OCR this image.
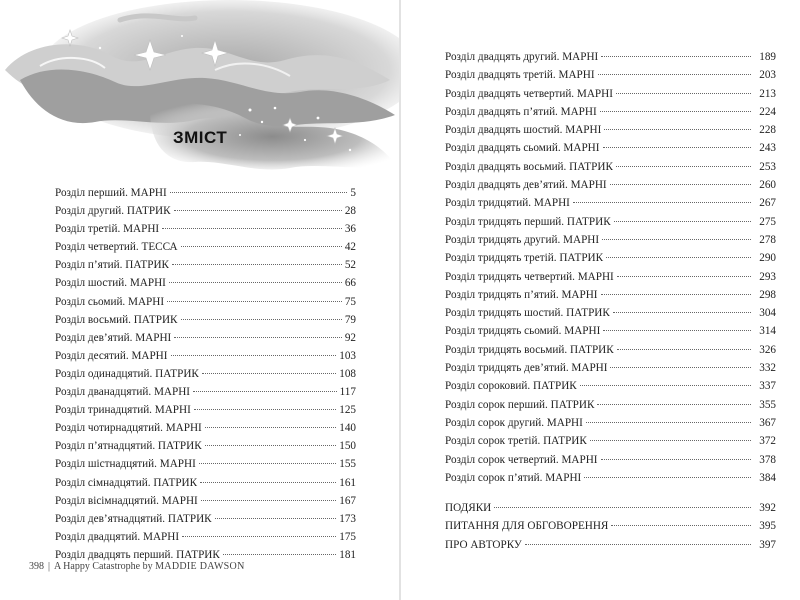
ЗМІСТ
Розділ перший. МАРНІ	5
Розділ другий. ПАТРИК	28
Розділ третій. МАРНІ	36
Розділ четвертий. ТЕССА	42
Розділ п’ятий. ПАТРИК	52
Розділ шостий. МАРНІ	66
Розділ сьомий. МАРНІ	75
Розділ восьмий. ПАТРИК	79
Розділ дев’ятий. МАРНІ	92
Розділ десятий. МАРНІ	103
Розділ одинадцятий. ПАТРИК	108
Розділ дванадцятий. МАРНІ	117
Розділ тринадцятий. МАРНІ	125
Розділ чотирнадцятий. МАРНІ	140
Розділ п’ятнадцятий. ПАТРИК	150
Розділ шістнадцятий. МАРНІ	155
Розділ сімнадцятий. ПАТРИК	161
Розділ вісімнадцятий. МАРНІ	167
Розділ дев’ятнадцятий. ПАТРИК	173
Розділ двадцятий. МАРНІ	175
Розділ двадцять перший. ПАТРИК	181
398 | A Happy Catastrophe by MADDIE DAWSON
Розділ двадцять другий. МАРНІ	189
Розділ двадцять третій. МАРНІ	203
Розділ двадцять четвертий. МАРНІ	213
Розділ двадцять п’ятий. МАРНІ	224
Розділ двадцять шостий. МАРНІ	228
Розділ двадцять сьомий. МАРНІ	243
Розділ двадцять восьмий. ПАТРИК	253
Розділ двадцять дев’ятий. МАРНІ	260
Розділ тридцятий. МАРНІ	267
Розділ тридцять перший. ПАТРИК	275
Розділ тридцять другий. МАРНІ	278
Розділ тридцять третій. ПАТРИК	290
Розділ тридцять четвертий. МАРНІ	293
Розділ тридцять п’ятий. МАРНІ	298
Розділ тридцять шостий. ПАТРИК	304
Розділ тридцять сьомий. МАРНІ	314
Розділ тридцять восьмий. ПАТРИК	326
Розділ тридцять дев’ятий. МАРНІ	332
Розділ сороковий. ПАТРИК	337
Розділ сорок перший. ПАТРИК	355
Розділ сорок другий. МАРНІ	367
Розділ сорок третій. ПАТРИК	372
Розділ сорок четвертий. МАРНІ	378
Розділ сорок п’ятий. МАРНІ	384
ПОДЯКИ	392
ПИТАННЯ ДЛЯ ОБГОВОРЕННЯ	395
ПРО АВТОРКУ	397
